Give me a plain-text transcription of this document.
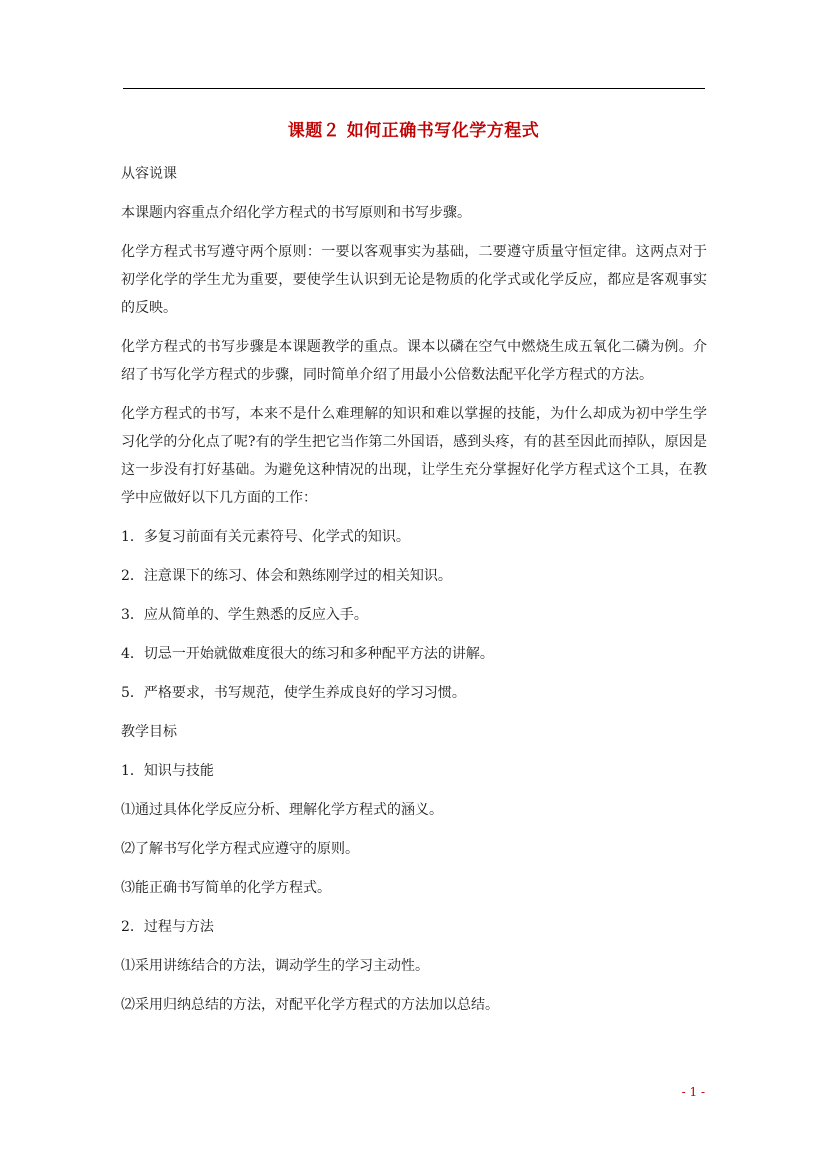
课题２ 如何正确书写化学方程式

从容说课

本课题内容重点介绍化学方程式的书写原则和书写步骤。

化学方程式书写遵守两个原则：一要以客观事实为基础，二要遵守质量守恒定律。这两点对于初学化学的学生尤为重要，要使学生认识到无论是物质的化学式或化学反应，都应是客观事实的反映。

化学方程式的书写步骤是本课题教学的重点。课本以磷在空气中燃烧生成五氧化二磷为例。介绍了书写化学方程式的步骤，同时简单介绍了用最小公倍数法配平化学方程式的方法。

化学方程式的书写，本来不是什么难理解的知识和难以掌握的技能，为什么却成为初中学生学习化学的分化点了呢?有的学生把它当作第二外国语，感到头疼，有的甚至因此而掉队，原因是这一步没有打好基础。为避免这种情况的出现，让学生充分掌握好化学方程式这个工具，在教学中应做好以下几方面的工作：

1．多复习前面有关元素符号、化学式的知识。

2．注意课下的练习、体会和熟练刚学过的相关知识。

3．应从简单的、学生熟悉的反应入手。

4．切忌一开始就做难度很大的练习和多种配平方法的讲解。

5．严格要求，书写规范，使学生养成良好的学习习惯。

教学目标

1．知识与技能

⑴通过具体化学反应分析、理解化学方程式的涵义。

⑵了解书写化学方程式应遵守的原则。

⑶能正确书写简单的化学方程式。

2．过程与方法

⑴采用讲练结合的方法，调动学生的学习主动性。

⑵采用归纳总结的方法，对配平化学方程式的方法加以总结。

- 1 -
